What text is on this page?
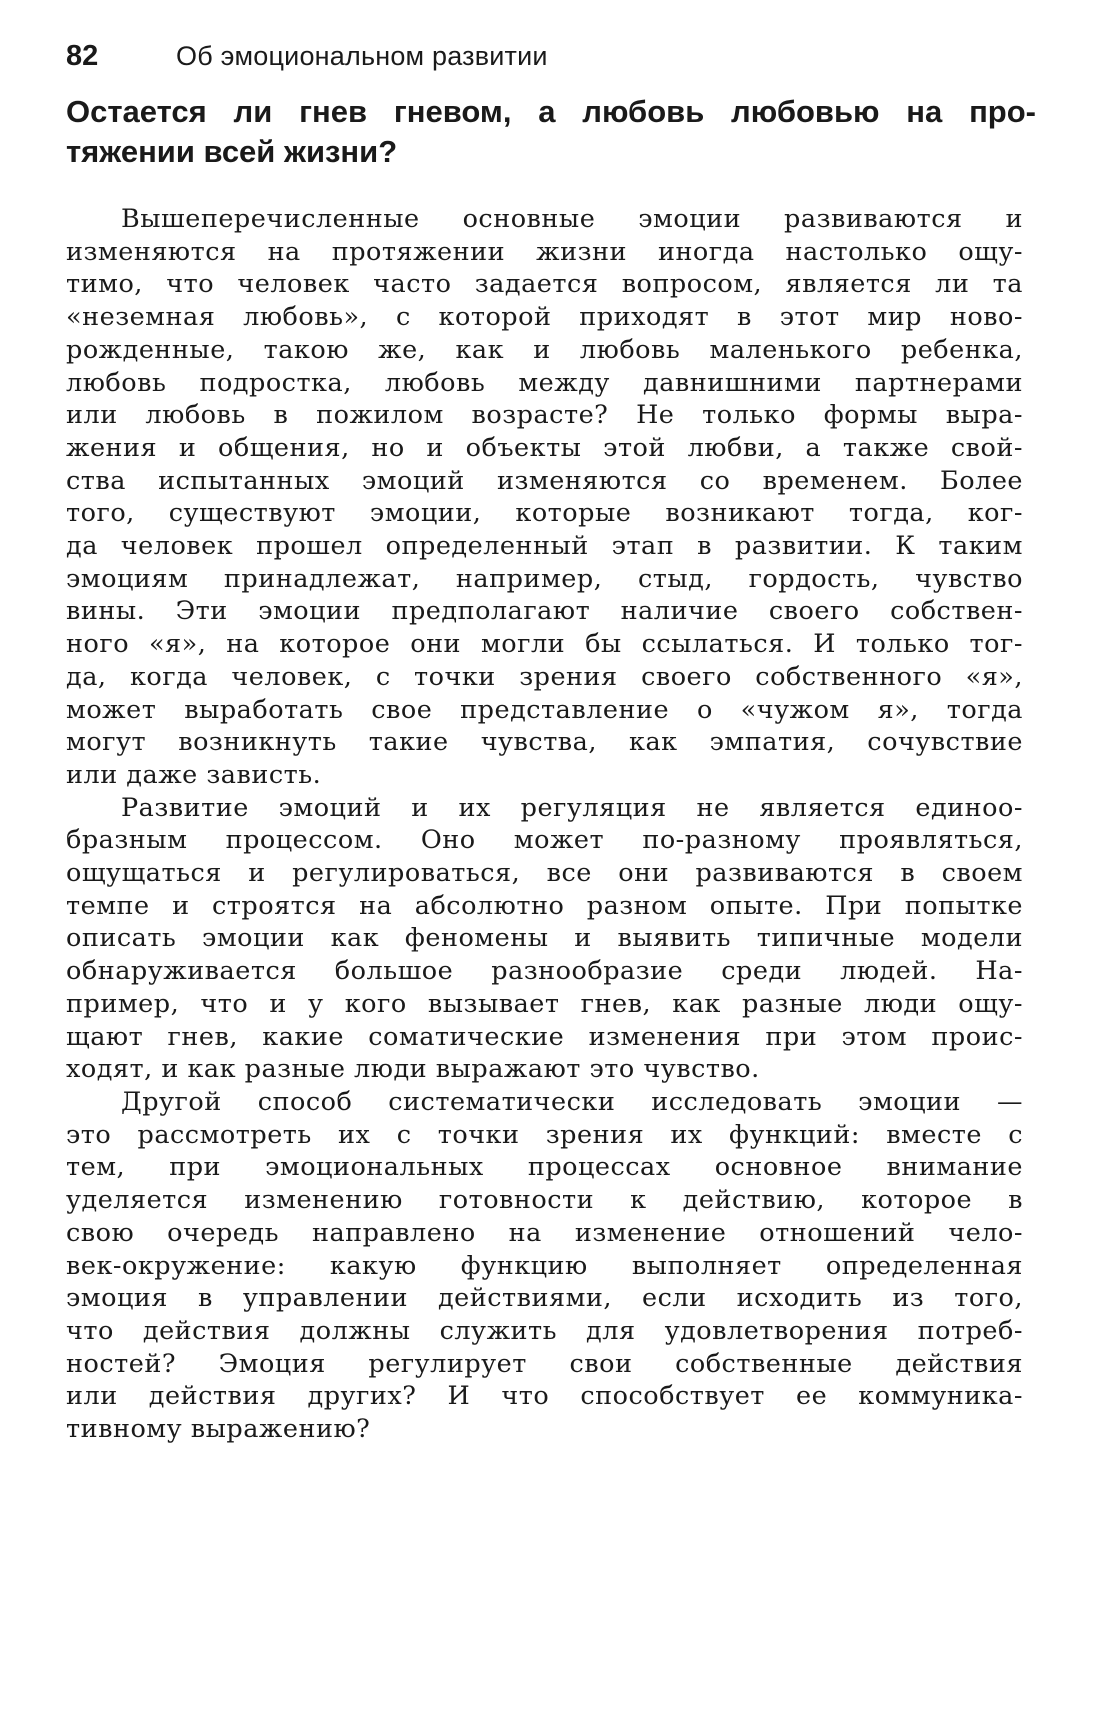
82	Об эмоциональном развитии
Остается ли гнев гневом, а любовь любовью на про-
тяжении всей жизни?
Вышеперечисленные основные эмоции развиваются и
изменяются на протяжении жизни иногда настолько ощу-
тимо, что человек часто задается вопросом, является ли та
«неземная любовь», с которой приходят в этот мир ново-
рожденные, такою же, как и любовь маленького ребенка,
любовь подростка, любовь между давнишними партнерами
или любовь в пожилом возрасте? Не только формы выра-
жения и общения, но и объекты этой любви, а также свой-
ства испытанных эмоций изменяются со временем. Более
того, существуют эмоции, которые возникают тогда, ког-
да человек прошел определенный этап в развитии. К таким
эмоциям принадлежат, например, стыд, гордость, чувство
вины. Эти эмоции предполагают наличие своего собствен-
ного «я», на которое они могли бы ссылаться. И только тог-
да, когда человек, с точки зрения своего собственного «я»,
может выработать свое представление о «чужом я», тогда
могут возникнуть такие чувства, как эмпатия, сочувствие
или даже зависть.
Развитие эмоций и их регуляция не является единоо-
бразным процессом. Оно может по-разному проявляться,
ощущаться и регулироваться, все они развиваются в своем
темпе и строятся на абсолютно разном опыте. При попытке
описать эмоции как феномены и выявить типичные модели
обнаруживается большое разнообразие среди людей. На-
пример, что и у кого вызывает гнев, как разные люди ощу-
щают гнев, какие соматические изменения при этом проис-
ходят, и как разные люди выражают это чувство.
Другой способ систематически исследовать эмоции —
это рассмотреть их с точки зрения их функций: вместе с
тем, при эмоциональных процессах основное внимание
уделяется изменению готовности к действию, которое в
свою очередь направлено на изменение отношений чело-
век-окружение: какую функцию выполняет определенная
эмоция в управлении действиями, если исходить из того,
что действия должны служить для удовлетворения потреб-
ностей? Эмоция регулирует свои собственные действия
или действия других? И что способствует ее коммуника-
тивному выражению?
